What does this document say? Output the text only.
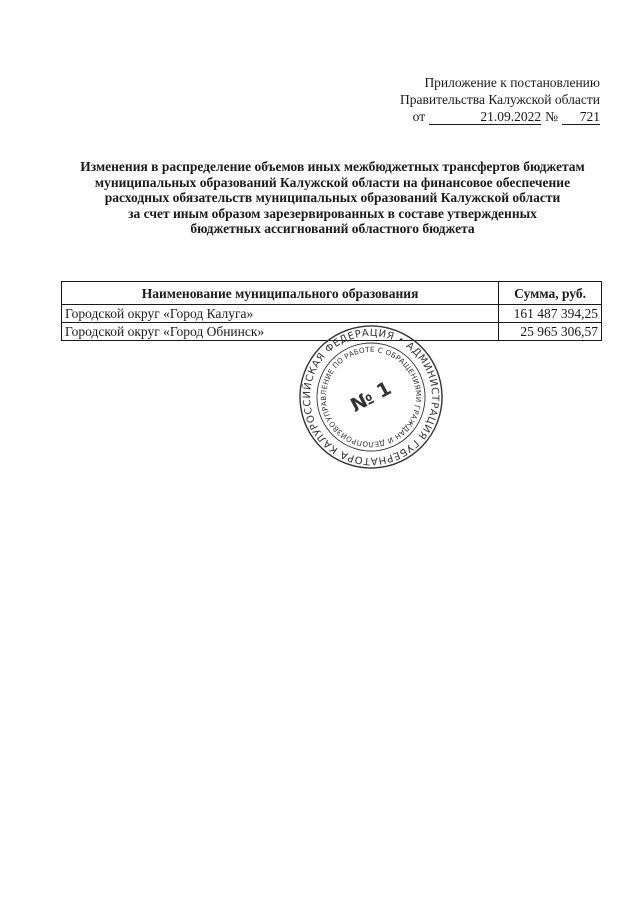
Приложение к постановлению
Правительства Калужской области
от	21.09.2022 №	721
Изменения в распределение объемов иных межбюджетных трансфертов бюджетам
муниципальных образований Калужской области на финансовое обеспечение
расходных обязательств муниципальных образований Калужской области
за счет иным образом зарезервированных в составе утвержденных
бюджетных ассигнований областного бюджета
Наименование муниципального образования	Сумма, руб.
Городской округ «Город Калуга»	161 487 394,25
Городской округ «Город Обнинск»	25 965 306,57
РОССИЙСКАЯ ФЕДЕРАЦИЯ • АДМИНИСТРАЦИЯ ГУБЕРНАТОРА КАЛУЖСКОЙ
УПРАВЛЕНИЕ ПО РАБОТЕ С ОБРАЩЕНИЯМИ ГРАЖДАН И ДЕЛОПРОИЗВОДСТВУ
№ 1
